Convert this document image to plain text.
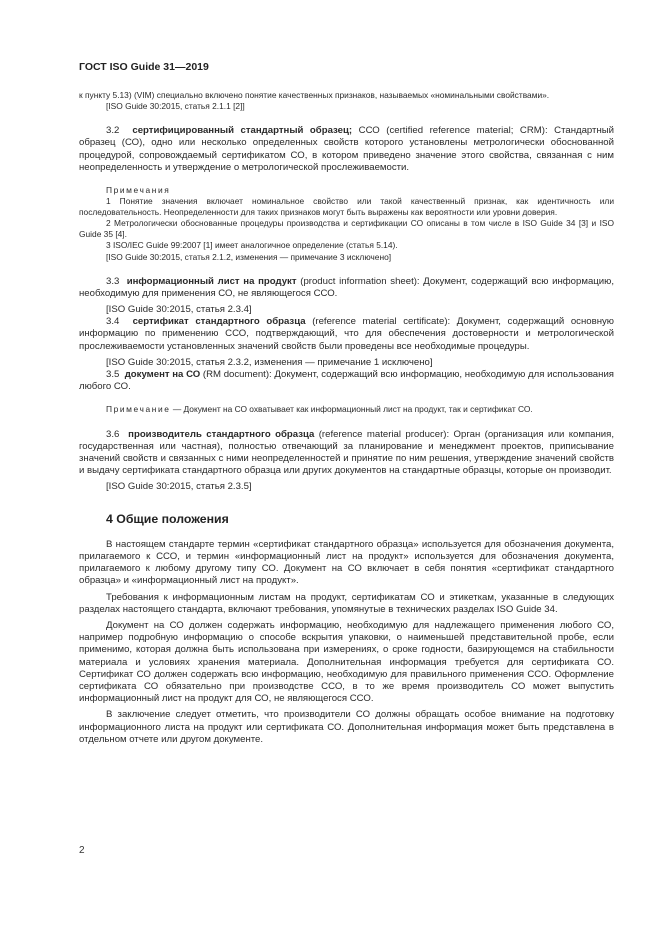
ГОСТ ISO Guide 31—2019

к пункту 5.13) (VIM) специально включено понятие качественных признаков, называемых «номинальными свойствами».

[ISO Guide 30:2015, статья 2.1.1 [2]]

3.2 сертифицированный стандартный образец; ССО (certified reference material; CRM): Стандартный образец (СО), одно или несколько определенных свойств которого установлены метрологически обоснованной процедурой, сопровождаемый сертификатом СО, в котором приведено значение этого свойства, связанная с ним неопределенность и утверждение о метрологической прослеживаемости.

Примечания

1 Понятие значения включает номинальное свойство или такой качественный признак, как идентичность или последовательность. Неопределенности для таких признаков могут быть выражены как вероятности или уровни доверия.

2 Метрологически обоснованные процедуры производства и сертификации СО описаны в том числе в ISO Guide 34 [3] и ISO Guide 35 [4].

3 ISO/IEC Guide 99:2007 [1] имеет аналогичное определение (статья 5.14).

[ISO Guide 30:2015, статья 2.1.2, изменения — примечание 3 исключено]

3.3 информационный лист на продукт (product information sheet): Документ, содержащий всю информацию, необходимую для применения СО, не являющегося ССО.

[ISO Guide 30:2015, статья 2.3.4]

3.4 сертификат стандартного образца (reference material certificate): Документ, содержащий основную информацию по применению ССО, подтверждающий, что для обеспечения достоверности и метрологической прослеживаемости установленных значений свойств были проведены все необходимые процедуры.

[ISO Guide 30:2015, статья 2.3.2, изменения — примечание 1 исключено]

3.5 документ на СО (RM document): Документ, содержащий всю информацию, необходимую для использования любого СО.

Примечание — Документ на СО охватывает как информационный лист на продукт, так и сертификат СО.

3.6 производитель стандартного образца (reference material producer): Орган (организация или компания, государственная или частная), полностью отвечающий за планирование и менеджмент проектов, приписывание значений свойств и связанных с ними неопределенностей и принятие по ним решения, утверждение значений свойств и выдачу сертификата стандартного образца или других документов на стандартные образцы, которые он производит.

[ISO Guide 30:2015, статья 2.3.5]

4 Общие положения

В настоящем стандарте термин «сертификат стандартного образца» используется для обозначения документа, прилагаемого к ССО, и термин «информационный лист на продукт» используется для обозначения документа, прилагаемого к любому другому типу СО. Документ на СО включает в себя понятия «сертификат стандартного образца» и «информационный лист на продукт».

Требования к информационным листам на продукт, сертификатам СО и этикеткам, указанные в следующих разделах настоящего стандарта, включают требования, упомянутые в технических разделах ISO Guide 34.

Документ на СО должен содержать информацию, необходимую для надлежащего применения любого СО, например подробную информацию о способе вскрытия упаковки, о наименьшей представительной пробе, если применимо, которая должна быть использована при измерениях, о сроке годности, базирующемся на стабильности материала и условиях хранения материала. Дополнительная информация требуется для сертификата СО. Сертификат СО должен содержать всю информацию, необходимую для правильного применения ССО. Оформление сертификата СО обязательно при производстве ССО, в то же время производитель СО может выпустить информационный лист на продукт для СО, не являющегося ССО.

В заключение следует отметить, что производители СО должны обращать особое внимание на подготовку информационного листа на продукт или сертификата СО. Дополнительная информация может быть представлена в отдельном отчете или другом документе.

2
